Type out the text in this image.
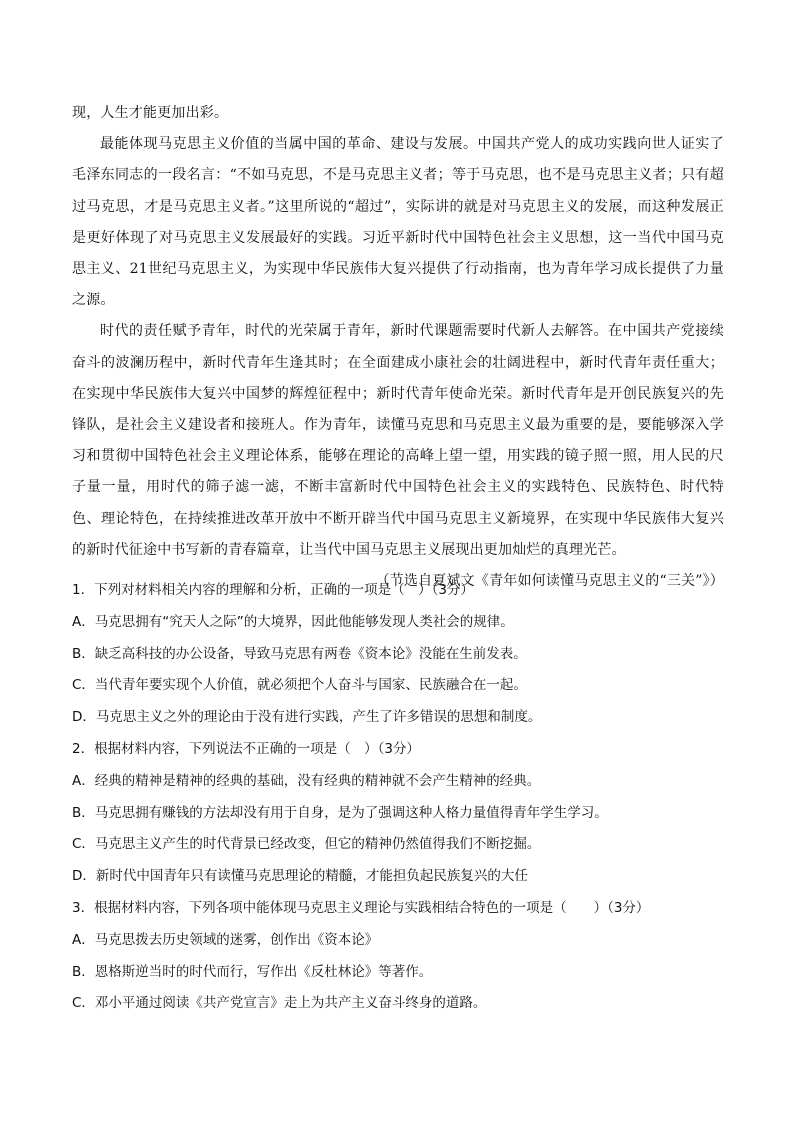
现，人生才能更加出彩。

最能体现马克思主义价值的当属中国的革命、建设与发展。中国共产党人的成功实践向世人证实了毛泽东同志的一段名言：“不如马克思，不是马克思主义者；等于马克思，也不是马克思主义者；只有超过马克思，才是马克思主义者。”这里所说的“超过”，实际讲的就是对马克思主义的发展，而这种发展正是更好体现了对马克思主义发展最好的实践。习近平新时代中国特色社会主义思想，这一当代中国马克思主义、21世纪马克思主义，为实现中华民族伟大复兴提供了行动指南，也为青年学习成长提供了力量之源。

时代的责任赋予青年，时代的光荣属于青年，新时代课题需要时代新人去解答。在中国共产党接续奋斗的波澜历程中，新时代青年生逢其时；在全面建成小康社会的壮阔进程中，新时代青年责任重大；在实现中华民族伟大复兴中国梦的辉煌征程中；新时代青年使命光荣。新时代青年是开创民族复兴的先锋队，是社会主义建设者和接班人。作为青年，读懂马克思和马克思主义最为重要的是，要能够深入学习和贯彻中国特色社会主义理论体系，能够在理论的高峰上望一望，用实践的镜子照一照，用人民的尺子量一量，用时代的筛子滤一滤，不断丰富新时代中国特色社会主义的实践特色、民族特色、时代特色、理论特色，在持续推进改革开放中不断开辟当代中国马克思主义新境界，在实现中华民族伟大复兴的新时代征途中书写新的青春篇章，让当代中国马克思主义展现出更加灿烂的真理光芒。

（节选自夏斌文《青年如何读懂马克思主义的“三关”》）

1．下列对材料相关内容的理解和分析，正确的一项是（　）（3分）
A．马克思拥有“究天人之际”的大境界，因此他能够发现人类社会的规律。
B．缺乏高科技的办公设备，导致马克思有两卷《资本论》没能在生前发表。
C．当代青年要实现个人价值，就必须把个人奋斗与国家、民族融合在一起。
D．马克思主义之外的理论由于没有进行实践，产生了许多错误的思想和制度。
2．根据材料内容，下列说法不正确的一项是（　）（3分）
A．经典的精神是精神的经典的基础，没有经典的精神就不会产生精神的经典。
B．马克思拥有赚钱的方法却没有用于自身，是为了强调这种人格力量值得青年学生学习。
C．马克思主义产生的时代背景已经改变，但它的精神仍然值得我们不断挖掘。
D．新时代中国青年只有读懂马克思理论的精髓，才能担负起民族复兴的大任
3．根据材料内容，下列各项中能体现马克思主义理论与实践相结合特色的一项是（　　）（3分）
A．马克思拨去历史领域的迷雾，创作出《资本论》
B．恩格斯逆当时的时代而行，写作出《反杜林论》等著作。
C．邓小平通过阅读《共产党宣言》走上为共产主义奋斗终身的道路。
